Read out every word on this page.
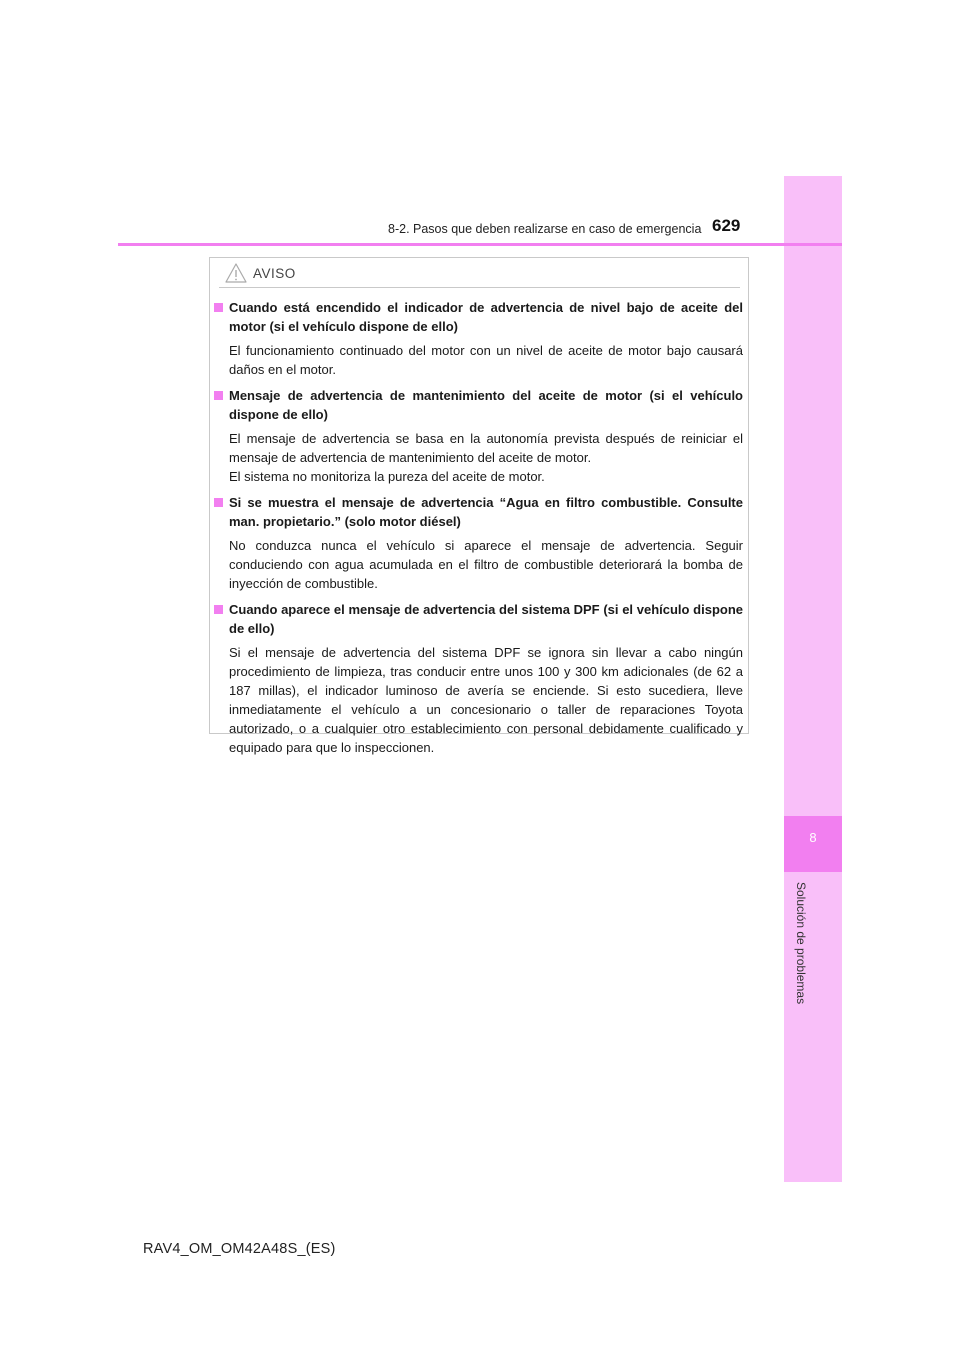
8
Solución de problemas
8-2. Pasos que deben realizarse en caso de emergencia 629
AVISO
Cuando está encendido el indicador de advertencia de nivel bajo de aceite del motor (si el vehículo dispone de ello)

El funcionamiento continuado del motor con un nivel de aceite de motor bajo causará daños en el motor.

Mensaje de advertencia de mantenimiento del aceite de motor (si el vehículo dispone de ello)

El mensaje de advertencia se basa en la autonomía prevista después de reiniciar el mensaje de advertencia de mantenimiento del aceite de motor.

El sistema no monitoriza la pureza del aceite de motor.

Si se muestra el mensaje de advertencia “Agua en filtro combustible. Consulte man. propietario.” (solo motor diésel)

No conduzca nunca el vehículo si aparece el mensaje de advertencia. Seguir conduciendo con agua acumulada en el filtro de combustible deteriorará la bomba de inyección de combustible.

Cuando aparece el mensaje de advertencia del sistema DPF (si el vehículo dispone de ello)

Si el mensaje de advertencia del sistema DPF se ignora sin llevar a cabo ningún procedimiento de limpieza, tras conducir entre unos 100 y 300 km adicionales (de 62 a 187 millas), el indicador luminoso de avería se enciende. Si esto sucediera, lleve inmediatamente el vehículo a un concesionario o taller de reparaciones Toyota autorizado, o a cualquier otro establecimiento con personal debidamente cualificado y equipado para que lo inspeccionen.

RAV4_OM_OM42A48S_(ES)
